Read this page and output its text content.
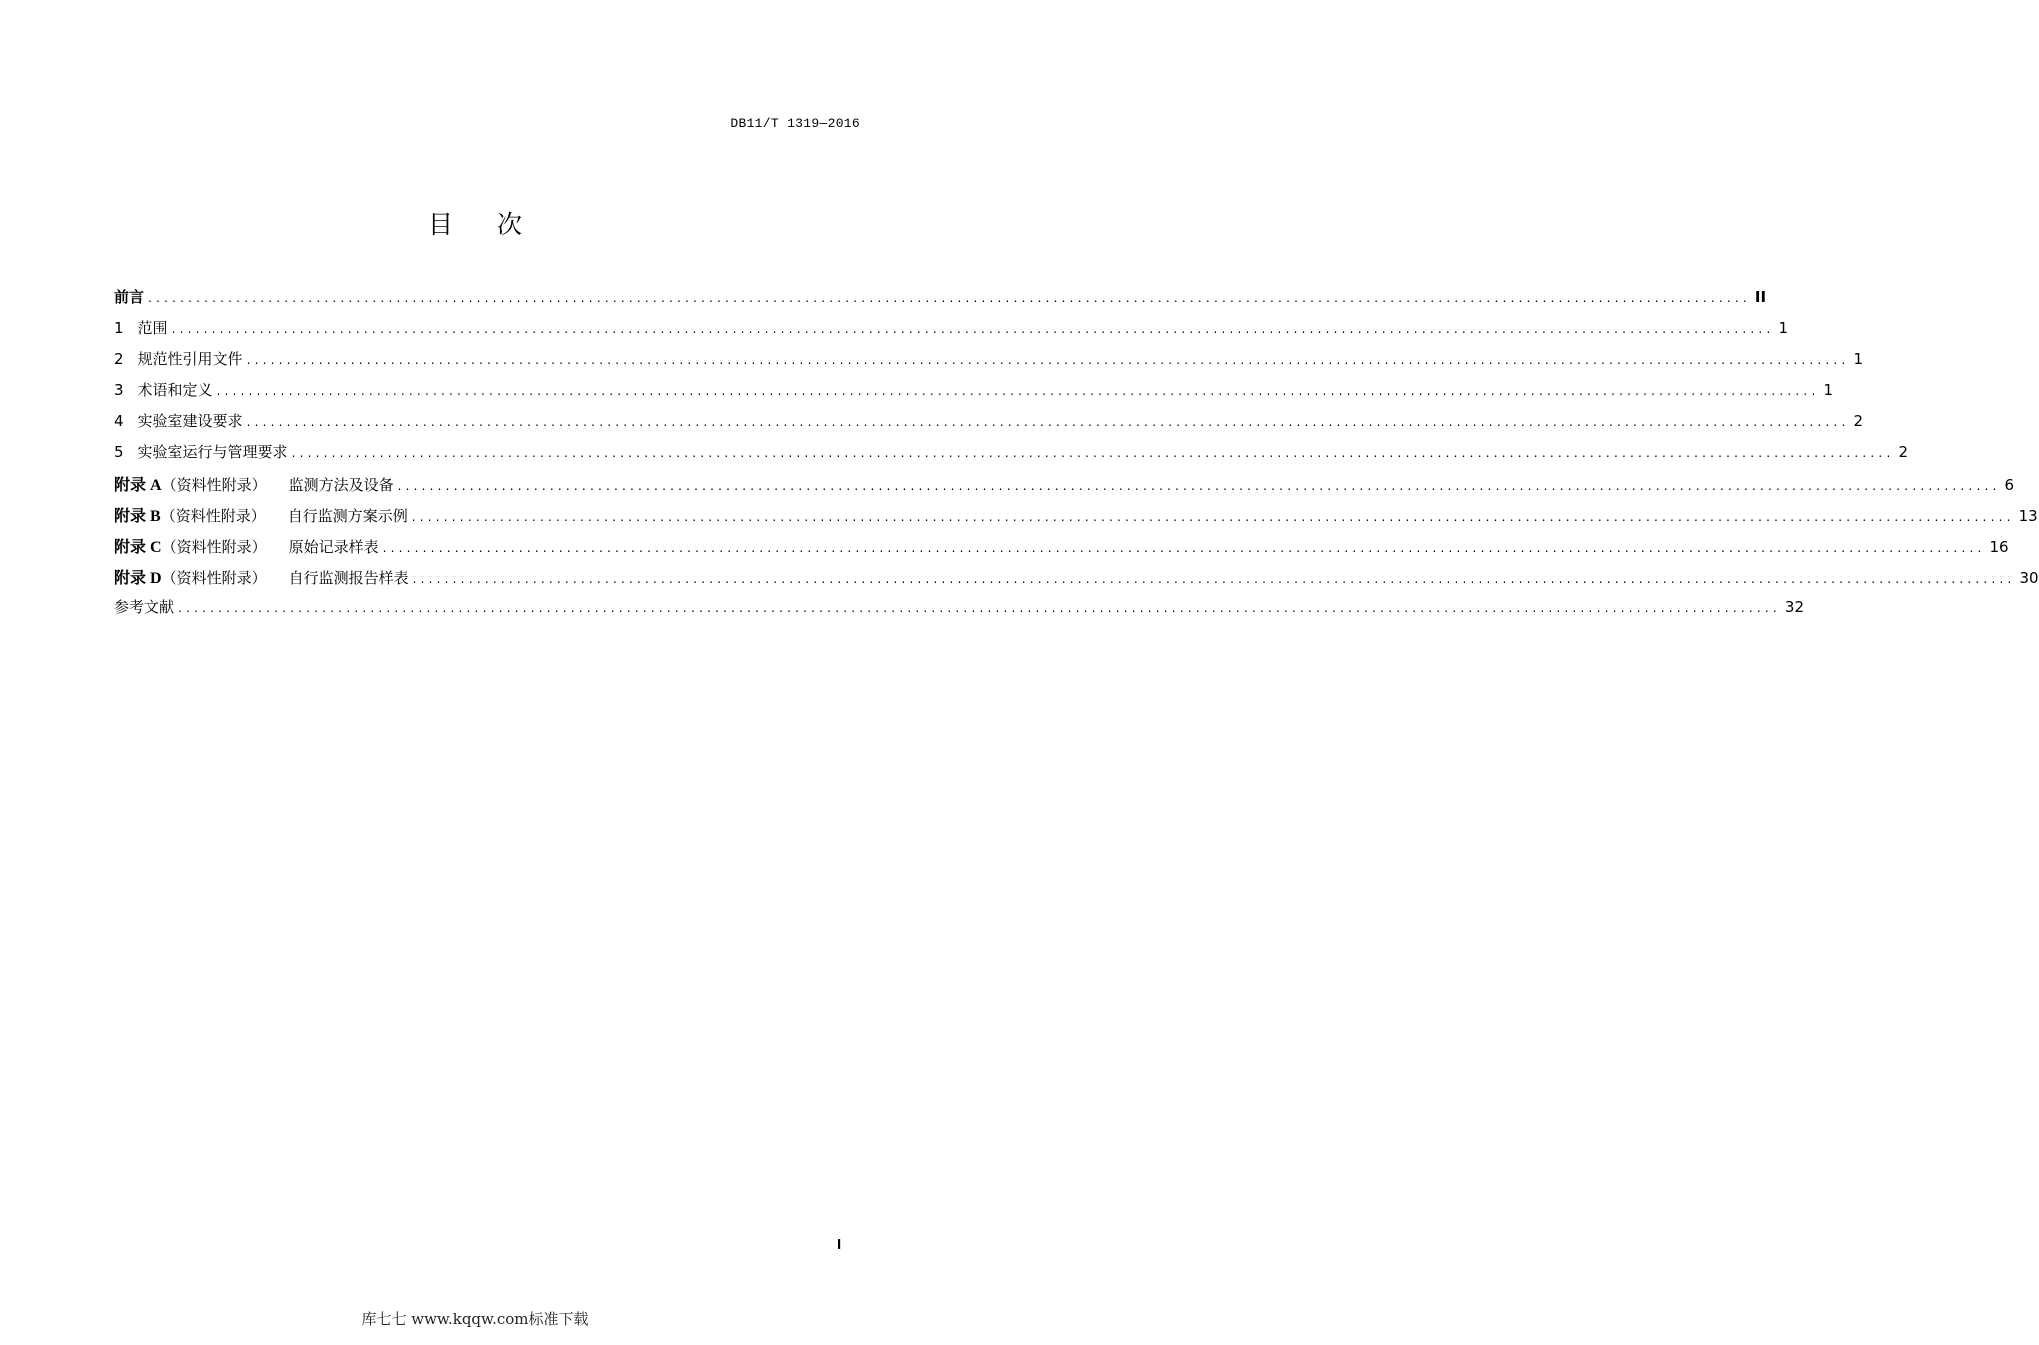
DB11/T 1319—2016
目 次
前言 ........................................................................................................................................................................................................ II
1 范围 ........................................................................................................................................................................................................ 1
2 规范性引用文件 ........................................................................................................................................................................................................ 1
3 术语和定义 ........................................................................................................................................................................................................ 1
4 实验室建设要求 ........................................................................................................................................................................................................ 2
5 实验室运行与管理要求 ........................................................................................................................................................................................................ 2
附录 A（资料性附录） 监测方法及设备 ........................................................................................................................................................................................................ 6
附录 B（资料性附录） 自行监测方案示例 ........................................................................................................................................................................................................ 13
附录 C（资料性附录） 原始记录样表 ........................................................................................................................................................................................................ 16
附录 D（资料性附录） 自行监测报告样表 ........................................................................................................................................................................................................ 30
参考文献 ........................................................................................................................................................................................................ 32
I
库七七 www.kqqw.com标准下载
